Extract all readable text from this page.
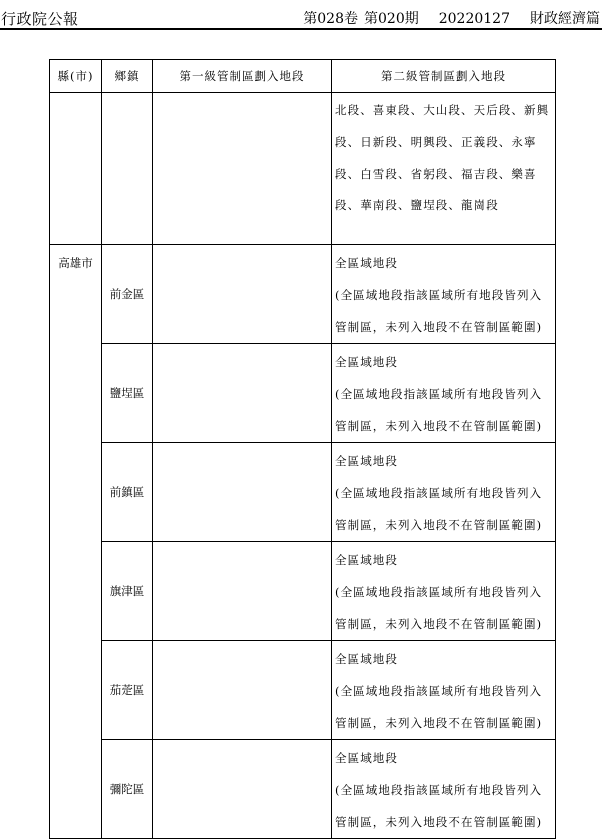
行政院公報	第028卷 第020期 20220127 財政經濟篇
縣(市)	鄉鎮	第一級管制區劃入地段	第二級管制區劃入地段

			北段、喜東段、大山段、天后段、新興
段、日新段、明興段、正義段、永寧
段、白雪段、省躬段、福吉段、樂喜
段、華南段、鹽埕段、龍崗段

高雄市	前金區		全區域地段
(全區域地段指該區域所有地段皆列入
管制區，未列入地段不在管制區範圍)

	鹽埕區		全區域地段
(全區域地段指該區域所有地段皆列入
管制區，未列入地段不在管制區範圍)

	前鎮區		全區域地段
(全區域地段指該區域所有地段皆列入
管制區，未列入地段不在管制區範圍)

	旗津區		全區域地段
(全區域地段指該區域所有地段皆列入
管制區，未列入地段不在管制區範圍)

	茄萣區		全區域地段
(全區域地段指該區域所有地段皆列入
管制區，未列入地段不在管制區範圍)

	彌陀區		全區域地段
(全區域地段指該區域所有地段皆列入
管制區，未列入地段不在管制區範圍)
